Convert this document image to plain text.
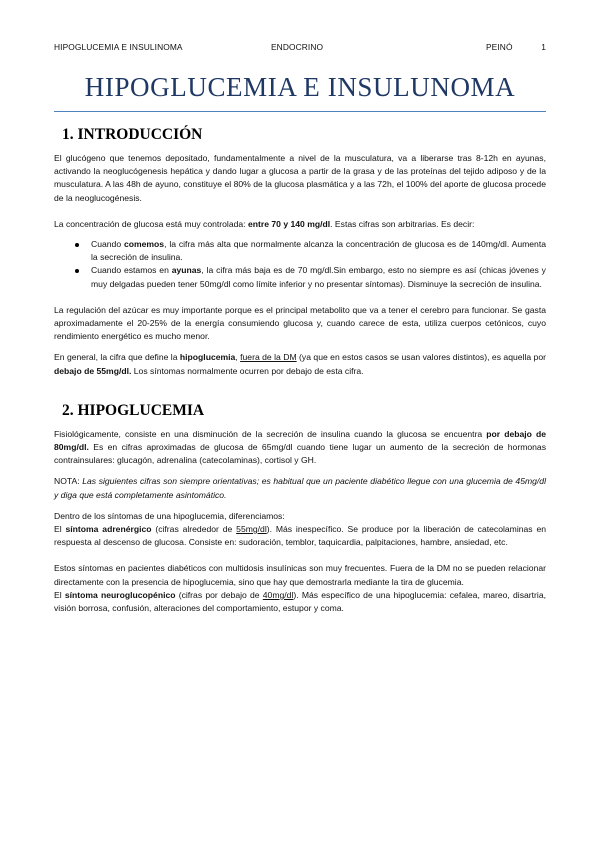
HIPOGLUCEMIA E INSULINOMA	ENDOCRINO	PEINÓ	1
HIPOGLUCEMIA E INSULUNOMA
1. INTRODUCCIÓN

El glucógeno que tenemos depositado, fundamentalmente a nivel de la musculatura, va a liberarse tras 8-12h en ayunas, activando la neoglucógenesis hepática y dando lugar a glucosa a partir de la grasa y de las proteínas del tejido adiposo y de la musculatura. A las 48h de ayuno, constituye el 80% de la glucosa plasmática y a las 72h, el 100% del aporte de glucosa procede de la neoglucogénesis.

La concentración de glucosa está muy controlada: entre 70 y 140 mg/dl. Estas cifras son arbitrarias. Es decir:

Cuando comemos, la cifra más alta que normalmente alcanza la concentración de glucosa es de 140mg/dl. Aumenta la secreción de insulina.
Cuando estamos en ayunas, la cifra más baja es de 70 mg/dl.Sin embargo, esto no siempre es así (chicas jóvenes y muy delgadas pueden tener 50mg/dl como límite inferior y no presentar síntomas). Disminuye la secreción de insulina.

La regulación del azúcar es muy importante porque es el principal metabolito que va a tener el cerebro para funcionar. Se gasta aproximadamente el 20-25% de la energía consumiendo glucosa y, cuando carece de esta, utiliza cuerpos cetónicos, cuyo rendimiento energético es mucho menor.

En general, la cifra que define la hipoglucemia, fuera de la DM (ya que en estos casos se usan valores distintos), es aquella por debajo de 55mg/dl. Los síntomas normalmente ocurren por debajo de esta cifra.

2. HIPOGLUCEMIA

Fisiológicamente, consiste en una disminución de la secreción de insulina cuando la glucosa se encuentra por debajo de 80mg/dl. Es en cifras aproximadas de glucosa de 65mg/dl cuando tiene lugar un aumento de la secreción de hormonas contrainsulares: glucagón, adrenalina (catecolaminas), cortisol y GH.

NOTA: Las siguientes cifras son siempre orientativas; es habitual que un paciente diabético llegue con una glucemia de 45mg/dl y diga que está completamente asintomático.

Dentro de los síntomas de una hipoglucemia, diferenciamos:

El síntoma adrenérgico (cifras alrededor de 55mg/dl). Más inespecífico. Se produce por la liberación de catecolaminas en respuesta al descenso de glucosa. Consiste en: sudoración, temblor, taquicardia, palpitaciones, hambre, ansiedad, etc.

Estos síntomas en pacientes diabéticos con multidosis insulínicas son muy frecuentes. Fuera de la DM no se pueden relacionar directamente con la presencia de hipoglucemia, sino que hay que demostrarla mediante la tira de glucemia.

El síntoma neuroglucopénico (cifras por debajo de 40mg/dl). Más específico de una hipoglucemia: cefalea, mareo, disartria, visión borrosa, confusión, alteraciones del comportamiento, estupor y coma.
